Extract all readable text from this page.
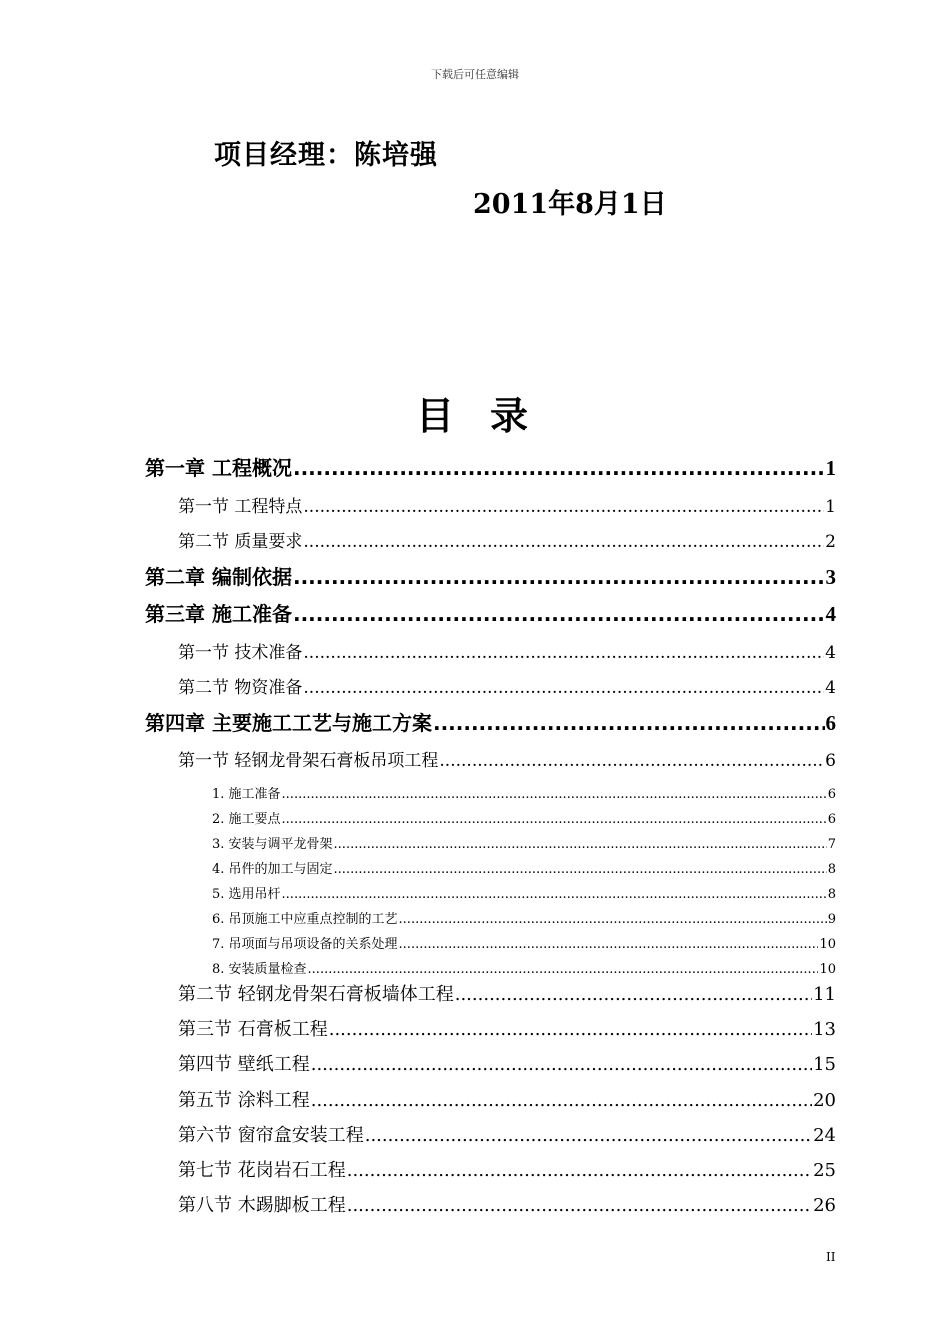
下载后可任意编辑
项目经理：陈培强
2011年8月1日
目录
第一章 工程概况 .....	1
第一节 工程特点 .....	1
第二节 质量要求 .....	2
第二章 编制依据 .....	3
第三章 施工准备 .....	4
第一节 技术准备 .....	4
第二节 物资准备 .....	4
第四章 主要施工工艺与施工方案 .....	6
第一节 轻钢龙骨架石膏板吊项工程 .....	6
1. 施工准备 .....	6
2. 施工要点 .....	6
3. 安装与调平龙骨架 .....	7
4. 吊件的加工与固定 .....	8
5. 选用吊杆 .....	8
6. 吊顶施工中应重点控制的工艺 .....	9
7. 吊项面与吊项设备的关系处理 .....	10
8. 安装质量检查 .....	10
第二节 轻钢龙骨架石膏板墙体工程 .....	11
第三节 石膏板工程 .....	13
第四节 壁纸工程 .....	15
第五节 涂料工程 .....	20
第六节 窗帘盒安装工程 .....	24
第七节 花岗岩石工程 .....	25
第八节 木踢脚板工程 .....	26
II
